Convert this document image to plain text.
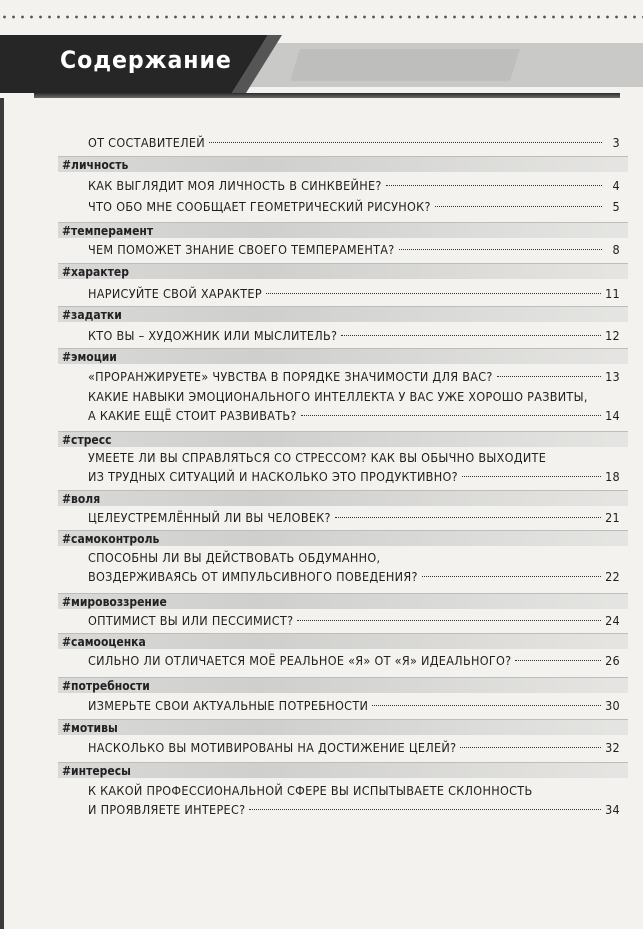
Содержание
ОТ СОСТАВИТЕЛЕЙ	3
#личность
КАК ВЫГЛЯДИТ МОЯ ЛИЧНОСТЬ В СИНКВЕЙНЕ?	4
ЧТО ОБО МНЕ СООБЩАЕТ ГЕОМЕТРИЧЕСКИЙ РИСУНОК?	5
#темперамент
ЧЕМ ПОМОЖЕТ ЗНАНИЕ СВОЕГО ТЕМПЕРАМЕНТА?	8
#характер
НАРИСУЙТЕ СВОЙ ХАРАКТЕР	11
#задатки
КТО ВЫ – ХУДОЖНИК ИЛИ МЫСЛИТЕЛЬ?	12
#эмоции
«ПРОРАНЖИРУЕТЕ» ЧУВСТВА В ПОРЯДКЕ ЗНАЧИМОСТИ ДЛЯ ВАС?	13
КАКИЕ НАВЫКИ ЭМОЦИОНАЛЬНОГО ИНТЕЛЛЕКТА У ВАС УЖЕ ХОРОШО РАЗВИТЫ,
А КАКИЕ ЕЩЁ СТОИТ РАЗВИВАТЬ?	14
#стресс
УМЕЕТЕ ЛИ ВЫ СПРАВЛЯТЬСЯ СО СТРЕССОМ? КАК ВЫ ОБЫЧНО ВЫХОДИТЕ
ИЗ ТРУДНЫХ СИТУАЦИЙ И НАСКОЛЬКО ЭТО ПРОДУКТИВНО?	18
#воля
ЦЕЛЕУСТРЕМЛЁННЫЙ ЛИ ВЫ ЧЕЛОВЕК?	21
#самоконтроль
СПОСОБНЫ ЛИ ВЫ ДЕЙСТВОВАТЬ ОБДУМАННО,
ВОЗДЕРЖИВАЯСЬ ОТ ИМПУЛЬСИВНОГО ПОВЕДЕНИЯ?	22
#мировоззрение
ОПТИМИСТ ВЫ ИЛИ ПЕССИМИСТ?	24
#самооценка
СИЛЬНО ЛИ ОТЛИЧАЕТСЯ МОЁ РЕАЛЬНОЕ «Я» ОТ «Я» ИДЕАЛЬНОГО?	26
#потребности
ИЗМЕРЬТЕ СВОИ АКТУАЛЬНЫЕ ПОТРЕБНОСТИ	30
#мотивы
НАСКОЛЬКО ВЫ МОТИВИРОВАНЫ НА ДОСТИЖЕНИЕ ЦЕЛЕЙ?	32
#интересы
К КАКОЙ ПРОФЕССИОНАЛЬНОЙ СФЕРЕ ВЫ ИСПЫТЫВАЕТЕ СКЛОННОСТЬ
И ПРОЯВЛЯЕТЕ ИНТЕРЕС?	34
